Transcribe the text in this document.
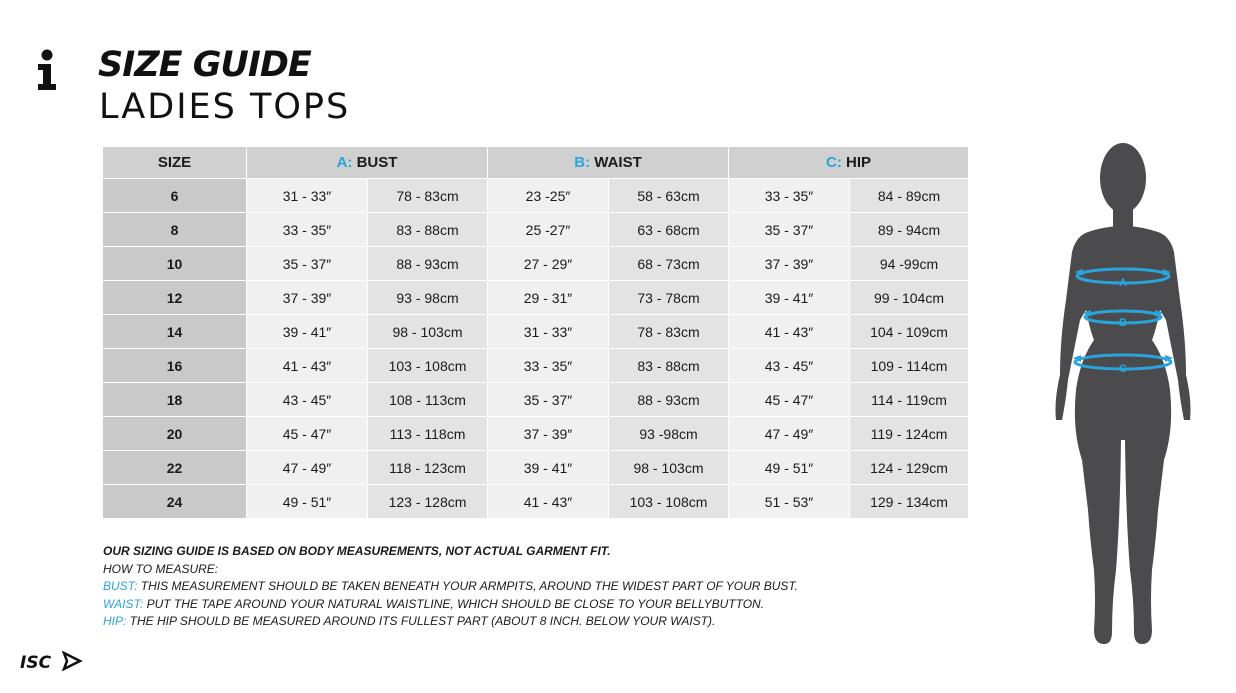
SIZE GUIDE
LADIES TOPS
SIZE	A: BUST		B: WAIST		C: HIP	
6	31 - 33″	78 - 83cm	23 -25″	58 - 63cm	33 - 35″	84 - 89cm
8	33 - 35″	83 - 88cm	25 -27″	63 - 68cm	35 - 37″	89 - 94cm
10	35 - 37″	88 - 93cm	27 - 29″	68 - 73cm	37 - 39″	94 -99cm
12	37 - 39″	93 - 98cm	29 - 31″	73 - 78cm	39 - 41″	99 - 104cm
14	39 - 41″	98 - 103cm	31 - 33″	78 - 83cm	41 - 43″	104 - 109cm
16	41 - 43″	103 - 108cm	33 - 35″	83 - 88cm	43 - 45″	109 - 114cm
18	43 - 45″	108 - 113cm	35 - 37″	88 - 93cm	45 - 47″	114 - 119cm
20	45 - 47″	113 - 118cm	37 - 39″	93 -98cm	47 - 49″	119 - 124cm
22	47 - 49″	118 - 123cm	39 - 41″	98 - 103cm	49 - 51″	124 - 129cm
24	49 - 51″	123 - 128cm	41 - 43″	103 - 108cm	51 - 53″	129 - 134cm

OUR SIZING GUIDE IS BASED ON BODY MEASUREMENTS, NOT ACTUAL GARMENT FIT.

HOW TO MEASURE:

BUST: THIS MEASUREMENT SHOULD BE TAKEN BENEATH YOUR ARMPITS, AROUND THE WIDEST PART OF YOUR BUST.

WAIST: PUT THE TAPE AROUND YOUR NATURAL WAISTLINE, WHICH SHOULD BE CLOSE TO YOUR BELLYBUTTON.

HIP: THE HIP SHOULD BE MEASURED AROUND ITS FULLEST PART (ABOUT 8 INCH. BELOW YOUR WAIST).

A
B
C
ISC
